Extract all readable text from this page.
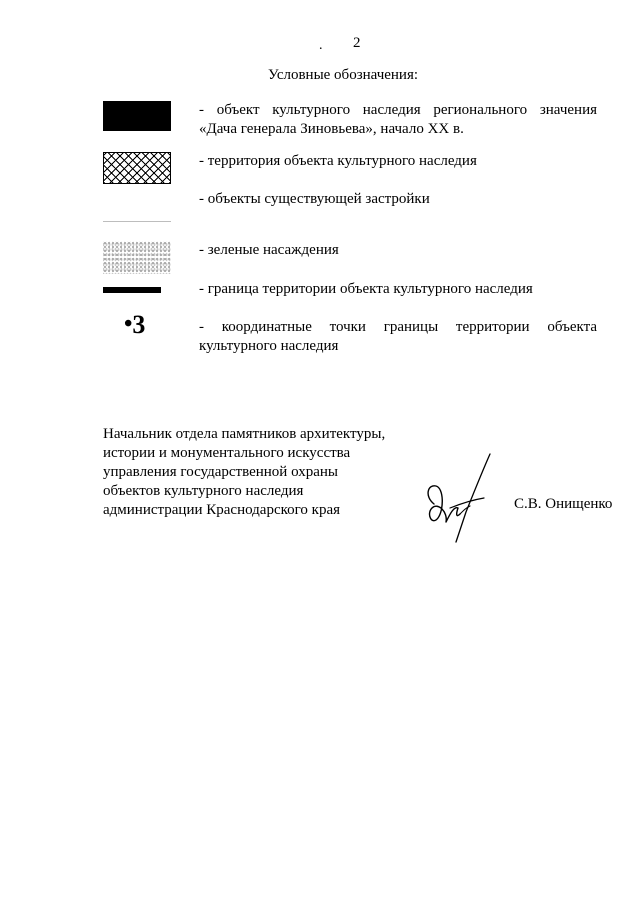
. 2
Условные обозначения:
- объект культурного наследия регионального значения
«Дача генерала Зиновьева», начало XX в.
- территория объекта культурного наследия
- объекты существующей застройки
- зеленые насаждения
- граница территории объекта культурного наследия
•3	- координатные точки границы территории объекта
культурного наследия
Начальник отдела памятников архитектуры,
истории и монументального искусства
управления государственной охраны
объектов культурного наследия
администрации Краснодарского края	С.В. Онищенко
